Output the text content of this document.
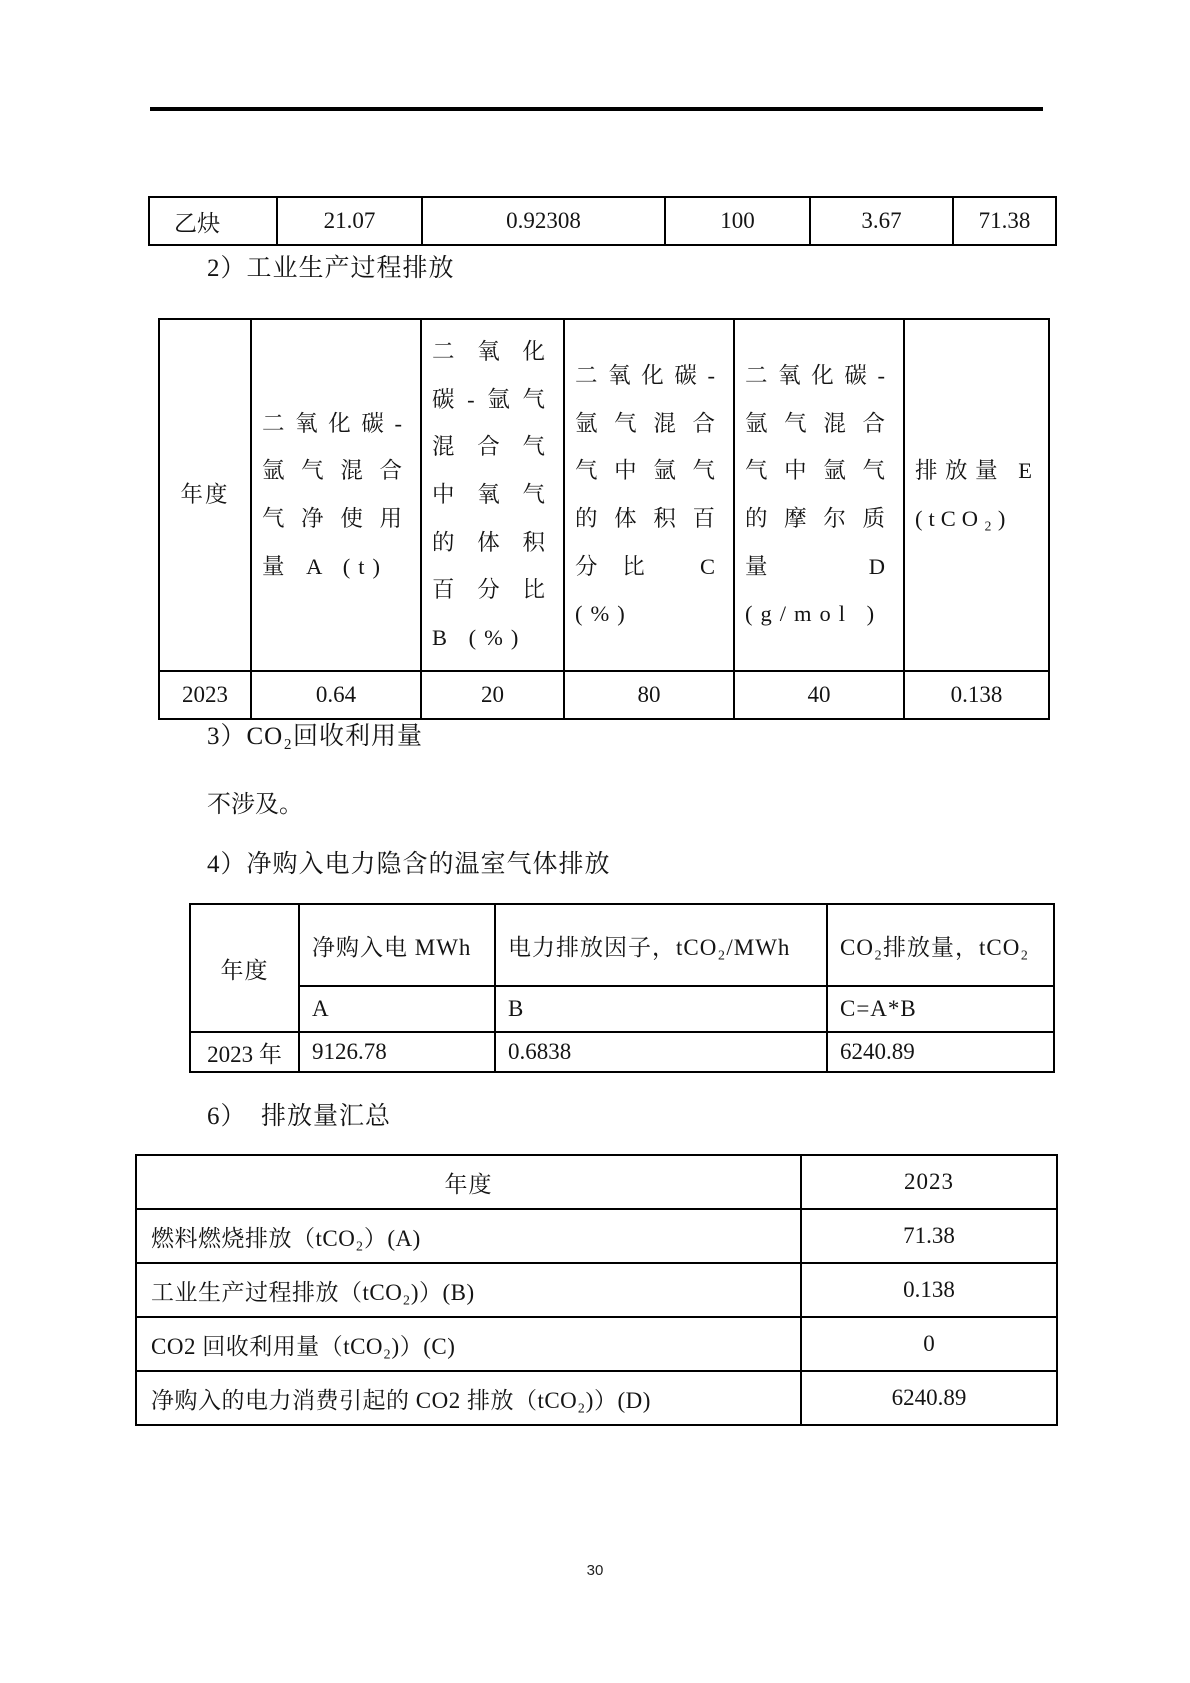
乙炔	21.07	0.92308	100	3.67	71.38
2）工业生产过程排放
年度	二氧化碳-氩气混合气净使用量 A (t)	二氧化碳-氩气混合气中氧气的体积百分比 B (%)	二氧化碳-氩气混合气中氩气的体积百分比 C (%)	二氧化碳-氩气混合气中氩气的摩尔质量 D (g/mol )	排放量 E (tCO₂)
2023	0.64	20	80	40	0.138
3）CO₂回收利用量
不涉及。
4）净购入电力隐含的温室气体排放
年度	净购入电 MWh	电力排放因子，tCO₂/MWh	CO₂排放量，tCO₂
	A	B	C=A*B
2023 年	9126.78	0.6838	6240.89
6）  排放量汇总
年度	2023
燃料燃烧排放（tCO₂）(A)	71.38
工业生产过程排放（tCO₂)）(B)	0.138
CO2 回收利用量（tCO₂)）(C)	0
净购入的电力消费引起的 CO2 排放（tCO₂)）(D)	6240.89
30
